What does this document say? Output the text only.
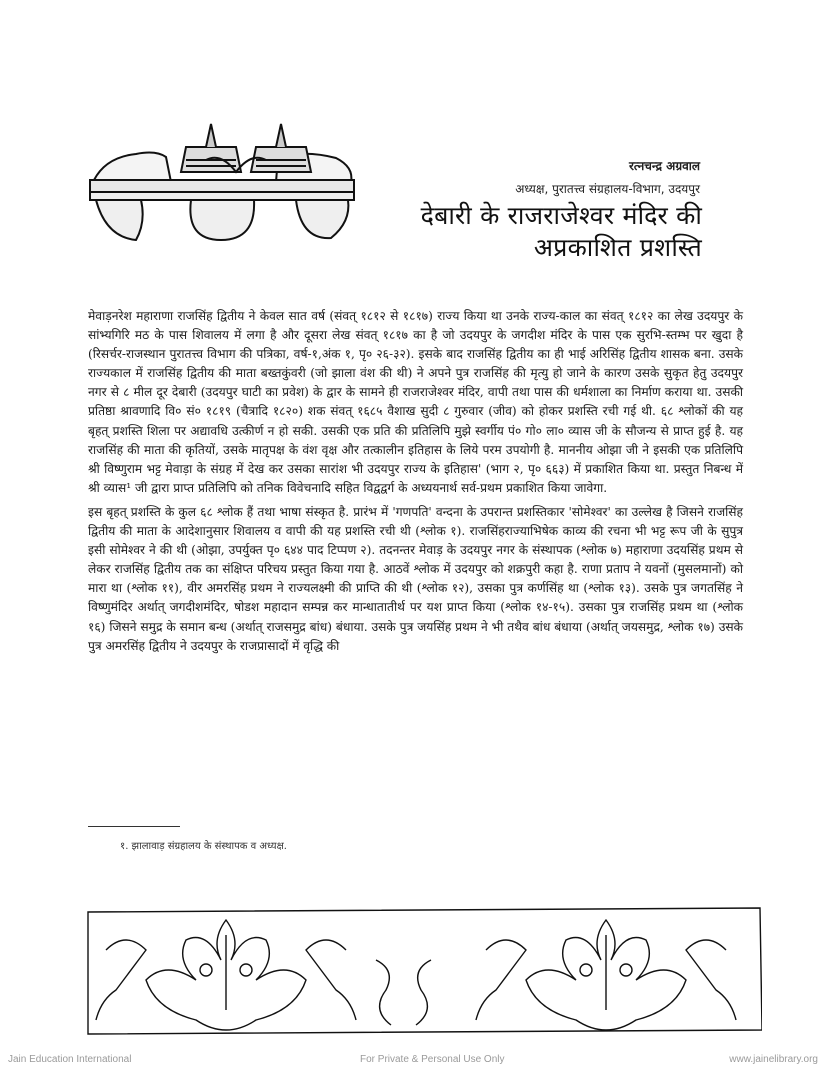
रत्नचन्द्र अग्रवाल
अध्यक्ष, पुरातत्त्व संग्रहालय-विभाग, उदयपुर
देबारी के राजराजेश्वर मंदिर की
अप्रकाशित प्रशस्ति

मेवाड़नरेश महाराणा राजसिंह द्वितीय ने केवल सात वर्ष (संवत् १८१२ से १८१७) राज्य किया था उनके राज्य-काल का संवत् १८१२ का लेख उदयपुर के सांभ्यगिरि मठ के पास शिवालय में लगा है और दूसरा लेख संवत् १८१७ का है जो उदयपुर के जगदीश मंदिर के पास एक सुरभि-स्तम्भ पर खुदा है (रिसर्चर-राजस्थान पुरातत्त्व विभाग की पत्रिका, वर्ष-१,अंक १, पृ० २६-३२). इसके बाद राजसिंह द्वितीय का ही भाई अरिसिंह द्वितीय शासक बना. उसके राज्यकाल में राजसिंह द्वितीय की माता बख्तकुंवरी (जो झाला वंश की थी) ने अपने पुत्र राजसिंह की मृत्यु हो जाने के कारण उसके सुकृत हेतु उदयपुर नगर से ८ मील दूर देबारी (उदयपुर घाटी का प्रवेश) के द्वार के सामने ही राजराजेश्वर मंदिर, वापी तथा पास की धर्मशाला का निर्माण कराया था. उसकी प्रतिष्ठा श्रावणादि वि० सं० १८१९ (चैत्रादि १८२०) शक संवत् १६८५ वैशाख सुदी ८ गुरुवार (जीव) को होकर प्रशस्ति रची गई थी. ६८ श्लोकों की यह बृहत् प्रशस्ति शिला पर अद्यावधि उत्कीर्ण न हो सकी. उसकी एक प्रति की प्रतिलिपि मुझे स्वर्गीय पं० गो० ला० व्यास जी के सौजन्य से प्राप्त हुई है. यह राजसिंह की माता की कृतियों, उसके मातृपक्ष के वंश वृक्ष और तत्कालीन इतिहास के लिये परम उपयोगी है. माननीय ओझा जी ने इसकी एक प्रतिलिपि श्री विष्णुराम भट्ट मेवाड़ा के संग्रह में देख कर उसका सारांश भी उदयपुर राज्य के इतिहास' (भाग २, पृ० ६६३) में प्रकाशित किया था. प्रस्तुत निबन्ध में श्री व्यास¹ जी द्वारा प्राप्त प्रतिलिपि को तनिक विवेचनादि सहित विद्वद्वर्ग के अध्ययनार्थ सर्व-प्रथम प्रकाशित किया जावेगा.

इस बृहत् प्रशस्ति के कुल ६८ श्लोक हैं तथा भाषा संस्कृत है. प्रारंभ में 'गणपति' वन्दना के उपरान्त प्रशस्तिकार 'सोमेश्वर' का उल्लेख है जिसने राजसिंह द्वितीय की माता के आदेशानुसार शिवालय व वापी की यह प्रशस्ति रची थी (श्लोक १). राजसिंहराज्याभिषेक काव्य की रचना भी भट्ट रूप जी के सुपुत्र इसी सोमेश्वर ने की थी (ओझा, उपर्युक्त पृ० ६४४ पाद टिप्पण २). तदनन्तर मेवाड़ के उदयपुर नगर के संस्थापक (श्लोक ७) महाराणा उदयसिंह प्रथम से लेकर राजसिंह द्वितीय तक का संक्षिप्त परिचय प्रस्तुत किया गया है. आठवें श्लोक में उदयपुर को शक्रपुरी कहा है. राणा प्रताप ने यवनों (मुसलमानों) को मारा था (श्लोक ११), वीर अमरसिंह प्रथम ने राज्यलक्ष्मी की प्राप्ति की थी (श्लोक १२), उसका पुत्र कर्णसिंह था (श्लोक १३). उसके पुत्र जगतसिंह ने विष्णुमंदिर अर्थात् जगदीशमंदिर, षोडश महादान सम्पन्न कर मान्धातातीर्थ पर यश प्राप्त किया (श्लोक १४-१५). उसका पुत्र राजसिंह प्रथम था (श्लोक १६) जिसने समुद्र के समान बन्ध (अर्थात् राजसमुद्र बांध) बंधाया. उसके पुत्र जयसिंह प्रथम ने भी तथैव बांध बंधाया (अर्थात् जयसमुद्र, श्लोक १७) उसके पुत्र अमरसिंह द्वितीय ने उदयपुर के राजप्रासादों में वृद्धि की

१. झालावाड़ संग्रहालय के संस्थापक व अध्यक्ष.
Jain Education International	For Private & Personal Use Only	www.jainelibrary.org
